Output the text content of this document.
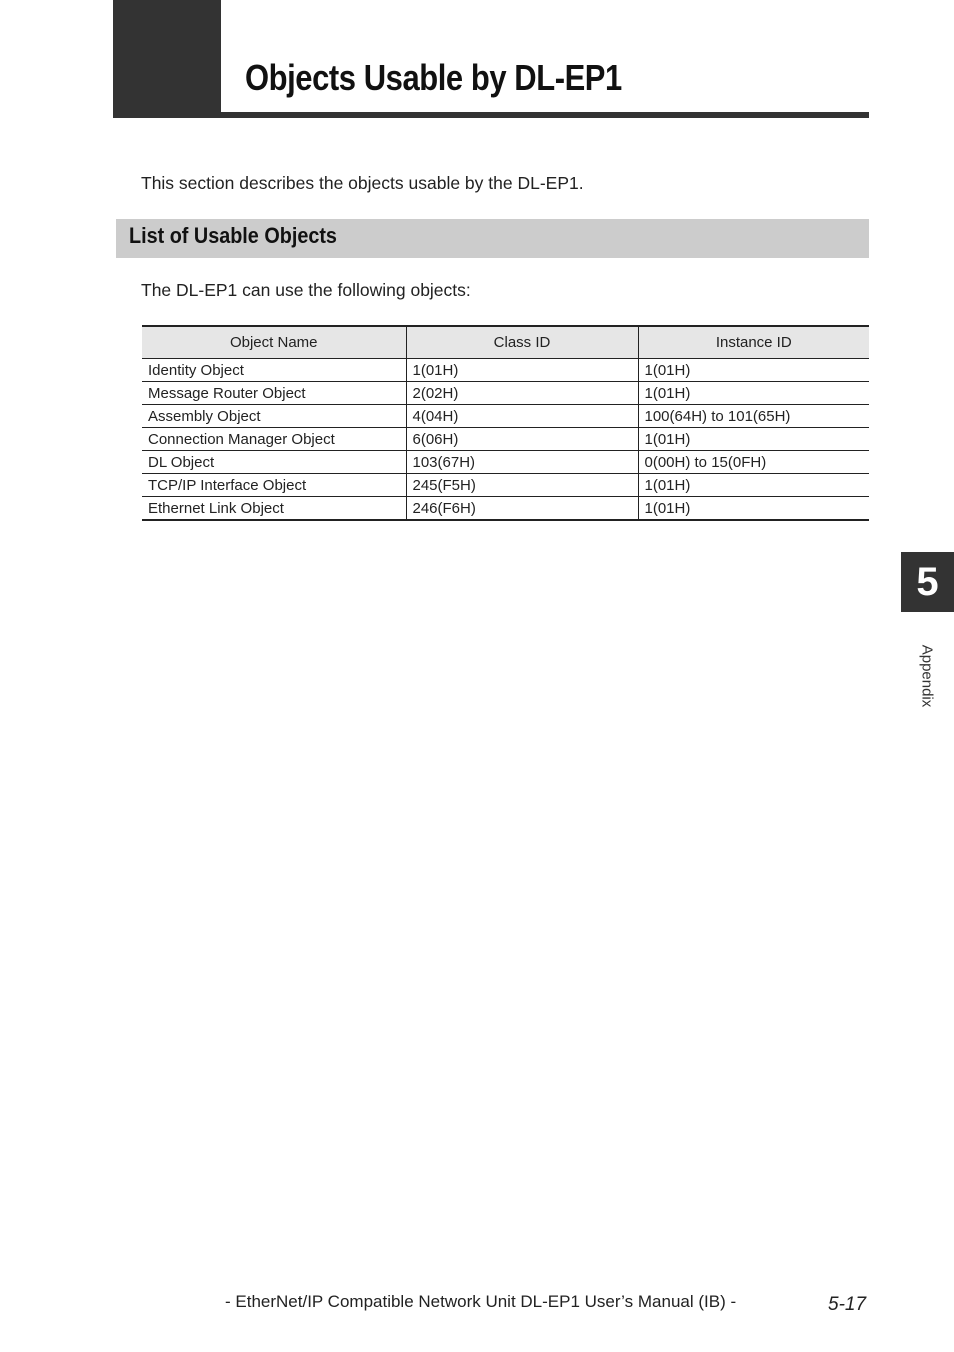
Objects Usable by DL-EP1

This section describes the objects usable by the DL-EP1.

List of Usable Objects

The DL-EP1 can use the following objects:

Object Name	Class ID	Instance ID
Identity Object	1(01H)	1(01H)
Message Router Object	2(02H)	1(01H)
Assembly Object	4(04H)	100(64H) to 101(65H)
Connection Manager Object	6(06H)	1(01H)
DL Object	103(67H)	0(00H) to 15(0FH)
TCP/IP Interface Object	245(F5H)	1(01H)
Ethernet Link Object	246(F6H)	1(01H)
5
Appendix

- EtherNet/IP Compatible Network Unit DL-EP1 User’s Manual (IB) -	5-17
